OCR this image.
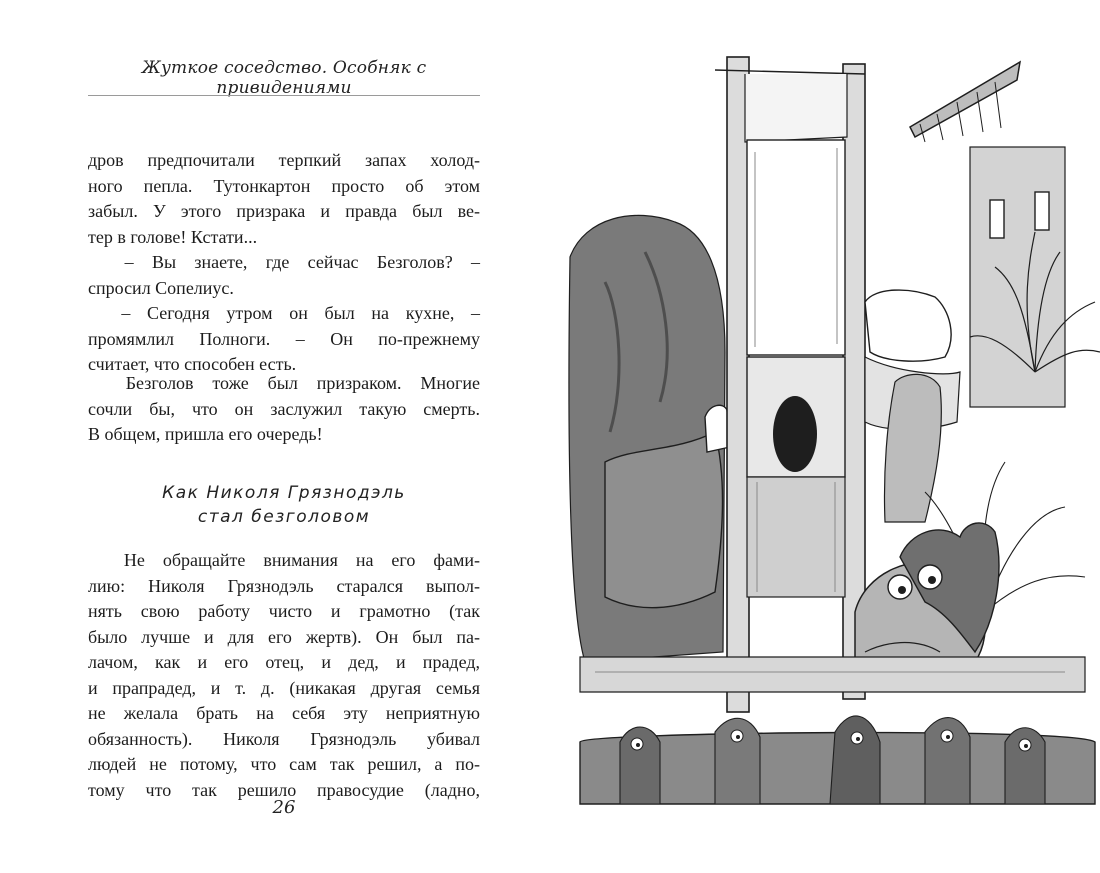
Жуткое соседство. Особняк с привидениями
дров предпочитали терпкий запах холод-
ного пепла. Тутонкартон просто об этом
забыл. У этого призрака и правда был ве-
тер в голове! Кстати...
– Вы знаете, где сейчас Безголов? –
спросил Сопелиус.
– Сегодня утром он был на кухне, –
промямлил Полноги. – Он по-прежнему
считает, что способен есть.
Безголов тоже был призраком. Многие
сочли бы, что он заслужил такую смерть.
В общем, пришла его очередь!
Как Николя Грязнодэль
стал безголовом
Не обращайте внимания на его фами-
лию: Николя Грязнодэль старался выпол-
нять свою работу чисто и грамотно (так
было лучше и для его жертв). Он был па-
лачом, как и его отец, и дед, и прадед,
и прапрадед, и т. д. (никакая другая семья
не желала брать на себя эту неприятную
обязанность). Николя Грязнодэль убивал
людей не потому, что сам так решил, а по-
тому что так решило правосудие (ладно,
26
